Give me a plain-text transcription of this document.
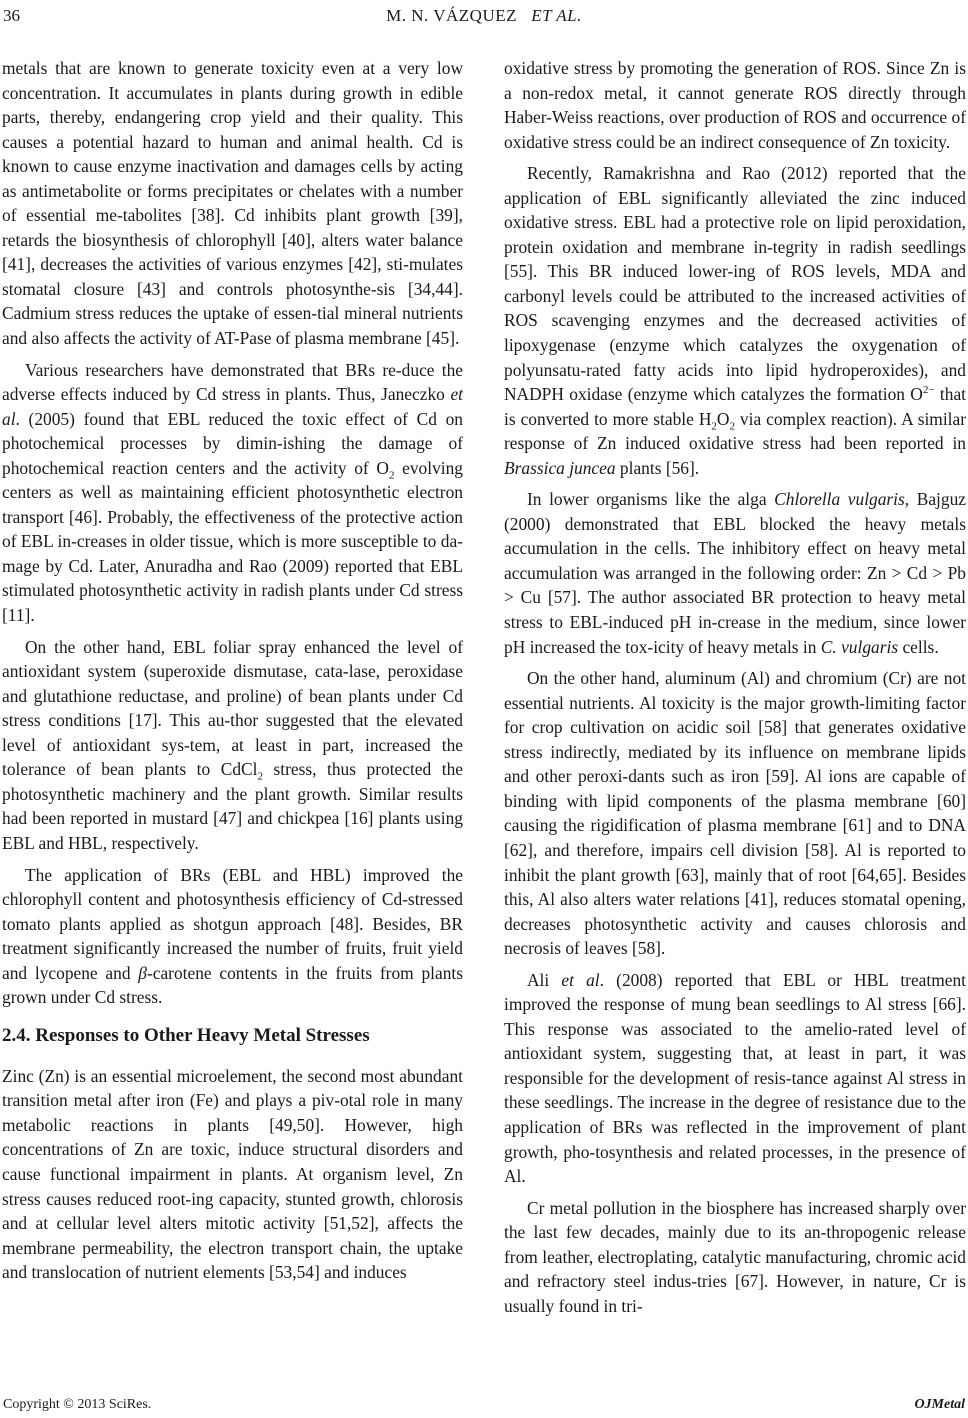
36	M. N. VÁZQUEZ ET AL.

metals that are known to generate toxicity even at a very low concentration. It accumulates in plants during growth in edible parts, thereby, endangering crop yield and their quality. This causes a potential hazard to human and animal health. Cd is known to cause enzyme inactivation and damages cells by acting as antimetabolite or forms precipitates or chelates with a number of essential me-tabolites [38]. Cd inhibits plant growth [39], retards the biosynthesis of chlorophyll [40], alters water balance [41], decreases the activities of various enzymes [42], sti-mulates stomatal closure [43] and controls photosynthe-sis [34,44]. Cadmium stress reduces the uptake of essen-tial mineral nutrients and also affects the activity of AT-Pase of plasma membrane [45].

Various researchers have demonstrated that BRs re-duce the adverse effects induced by Cd stress in plants. Thus, Janeczko et al. (2005) found that EBL reduced the toxic effect of Cd on photochemical processes by dimin-ishing the damage of photochemical reaction centers and the activity of $O_2$ evolving centers as well as maintaining efficient photosynthetic electron transport [46]. Probably, the effectiveness of the protective action of EBL in-creases in older tissue, which is more susceptible to da-mage by Cd. Later, Anuradha and Rao (2009) reported that EBL stimulated photosynthetic activity in radish plants under Cd stress [11].

On the other hand, EBL foliar spray enhanced the level of antioxidant system (superoxide dismutase, cata-lase, peroxidase and glutathione reductase, and proline) of bean plants under Cd stress conditions [17]. This au-thor suggested that the elevated level of antioxidant sys-tem, at least in part, increased the tolerance of bean plants to CdCl$_2$ stress, thus protected the photosynthetic machinery and the plant growth. Similar results had been reported in mustard [47] and chickpea [16] plants using EBL and HBL, respectively.

The application of BRs (EBL and HBL) improved the chlorophyll content and photosynthesis efficiency of Cd-stressed tomato plants applied as shotgun approach [48]. Besides, BR treatment significantly increased the number of fruits, fruit yield and lycopene and β-carotene contents in the fruits from plants grown under Cd stress.

2.4. Responses to Other Heavy Metal Stresses

Zinc (Zn) is an essential microelement, the second most abundant transition metal after iron (Fe) and plays a piv-otal role in many metabolic reactions in plants [49,50]. However, high concentrations of Zn are toxic, induce structural disorders and cause functional impairment in plants. At organism level, Zn stress causes reduced root-ing capacity, stunted growth, chlorosis and at cellular level alters mitotic activity [51,52], affects the membrane permeability, the electron transport chain, the uptake and translocation of nutrient elements [53,54] and induces

oxidative stress by promoting the generation of ROS. Since Zn is a non-redox metal, it cannot generate ROS directly through Haber-Weiss reactions, over production of ROS and occurrence of oxidative stress could be an indirect consequence of Zn toxicity.

Recently, Ramakrishna and Rao (2012) reported that the application of EBL significantly alleviated the zinc induced oxidative stress. EBL had a protective role on lipid peroxidation, protein oxidation and membrane in-tegrity in radish seedlings [55]. This BR induced lower-ing of ROS levels, MDA and carbonyl levels could be attributed to the increased activities of ROS scavenging enzymes and the decreased activities of lipoxygenase (enzyme which catalyzes the oxygenation of polyunsatu-rated fatty acids into lipid hydroperoxides), and NADPH oxidase (enzyme which catalyzes the formation $O^{2-}$ that is converted to more stable $H_2O_2$ via complex reaction). A similar response of Zn induced oxidative stress had been reported in Brassica juncea plants [56].

In lower organisms like the alga Chlorella vulgaris, Bajguz (2000) demonstrated that EBL blocked the heavy metals accumulation in the cells. The inhibitory effect on heavy metal accumulation was arranged in the following order: Zn > Cd > Pb > Cu [57]. The author associated BR protection to heavy metal stress to EBL-induced pH in-crease in the medium, since lower pH increased the tox-icity of heavy metals in C. vulgaris cells.

On the other hand, aluminum (Al) and chromium (Cr) are not essential nutrients. Al toxicity is the major growth-limiting factor for crop cultivation on acidic soil [58] that generates oxidative stress indirectly, mediated by its influence on membrane lipids and other peroxi-dants such as iron [59]. Al ions are capable of binding with lipid components of the plasma membrane [60] causing the rigidification of plasma membrane [61] and to DNA [62], and therefore, impairs cell division [58]. Al is reported to inhibit the plant growth [63], mainly that of root [64,65]. Besides this, Al also alters water relations [41], reduces stomatal opening, decreases photosynthetic activity and causes chlorosis and necrosis of leaves [58].

Ali et al. (2008) reported that EBL or HBL treatment improved the response of mung bean seedlings to Al stress [66]. This response was associated to the amelio-rated level of antioxidant system, suggesting that, at least in part, it was responsible for the development of resis-tance against Al stress in these seedlings. The increase in the degree of resistance due to the application of BRs was reflected in the improvement of plant growth, pho-tosynthesis and related processes, in the presence of Al.

Cr metal pollution in the biosphere has increased sharply over the last few decades, mainly due to its an-thropogenic release from leather, electroplating, catalytic manufacturing, chromic acid and refractory steel indus-tries [67]. However, in nature, Cr is usually found in tri-

Copyright © 2013 SciRes.	OJMetal
